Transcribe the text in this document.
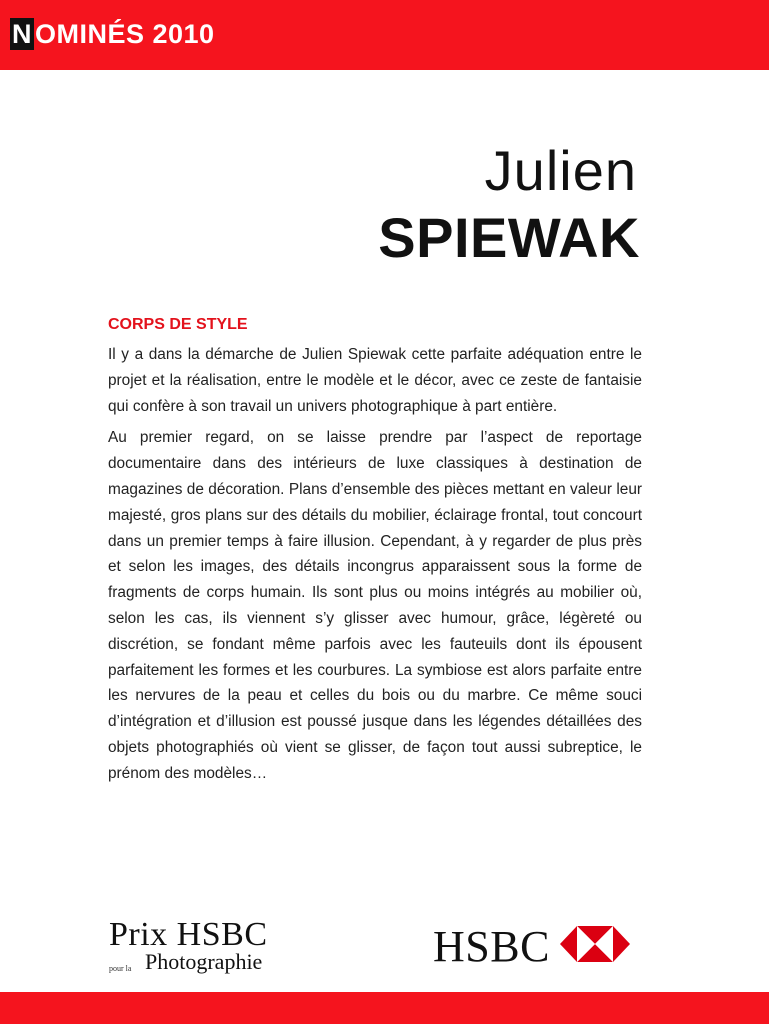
N OMINÉS 2010
Julien
SPIEWAK
CORPS DE STYLE

Il y a dans la démarche de Julien Spiewak cette parfaite adéquation entre le projet et la réalisation, entre le modèle et le décor, avec ce zeste de fantaisie qui confère à son travail un univers photographique à part entière.

Au premier regard, on se laisse prendre par l’aspect de reportage documentaire dans des intérieurs de luxe classiques à destination de magazines de décoration. Plans d’ensemble des pièces mettant en valeur leur majesté, gros plans sur des détails du mobilier, éclairage frontal, tout concourt dans un premier temps à faire illusion. Cependant, à y regarder de plus près et selon les images, des détails incongrus apparaissent sous la forme de fragments de corps humain. Ils sont plus ou moins intégrés au mobilier où, selon les cas, ils viennent s’y glisser avec humour, grâce, légèreté ou discrétion, se fondant même parfois avec les fauteuils dont ils épousent parfaitement les formes et les courbures. La symbiose est alors parfaite entre les nervures de la peau et celles du bois ou du marbre. Ce même souci d’intégration et d’illusion est poussé jusque dans les légendes détaillées des objets photographiés où vient se glisser, de façon tout aussi subreptice, le prénom des modèles…

Prix HSBC
pour la Photographie	HSBC
